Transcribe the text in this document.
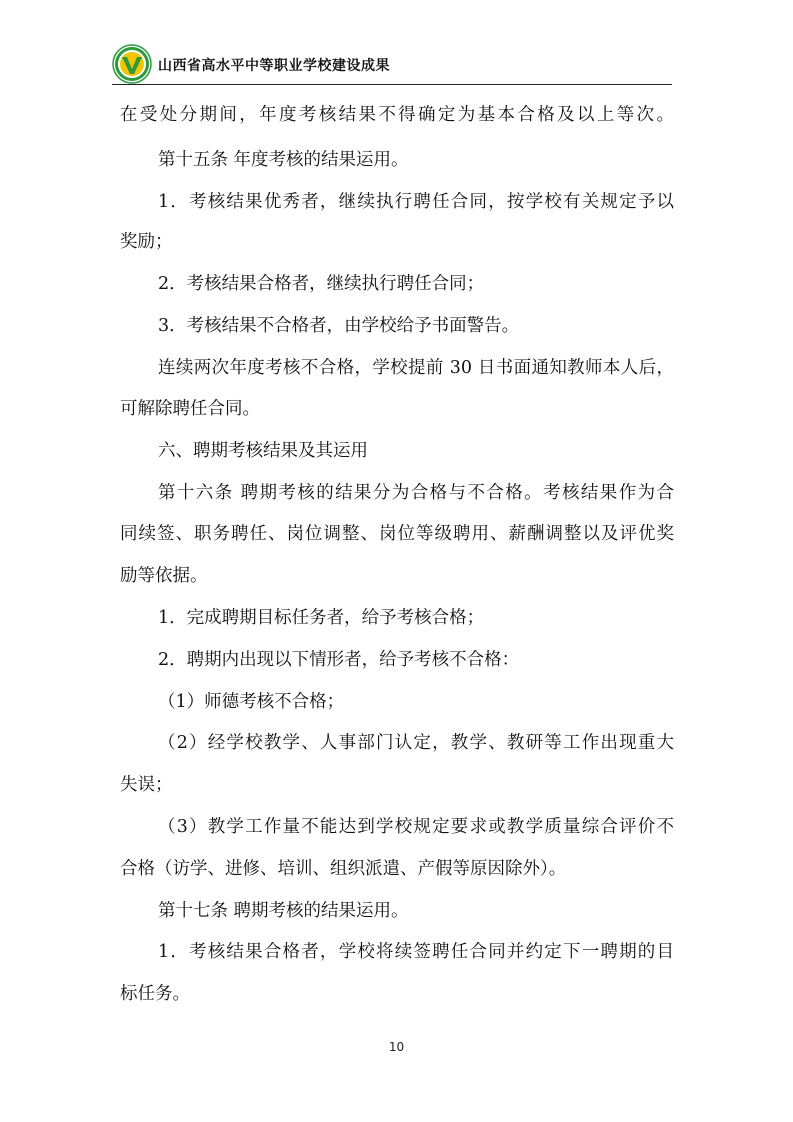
山西省高水平中等职业学校建设成果
在受处分期间，年度考核结果不得确定为基本合格及以上等次。
第十五条 年度考核的结果运用。
1．考核结果优秀者，继续执行聘任合同，按学校有关规定予以
奖励；
2．考核结果合格者，继续执行聘任合同；
3．考核结果不合格者，由学校给予书面警告。
连续两次年度考核不合格，学校提前 30 日书面通知教师本人后，
可解除聘任合同。
六、聘期考核结果及其运用
第十六条 聘期考核的结果分为合格与不合格。考核结果作为合
同续签、职务聘任、岗位调整、岗位等级聘用、薪酬调整以及评优奖
励等依据。
1．完成聘期目标任务者，给予考核合格；
2．聘期内出现以下情形者，给予考核不合格：
（1）师德考核不合格；
（2）经学校教学、人事部门认定，教学、教研等工作出现重大
失误；
（3）教学工作量不能达到学校规定要求或教学质量综合评价不
合格（访学、进修、培训、组织派遣、产假等原因除外）。
第十七条 聘期考核的结果运用。
1．考核结果合格者，学校将续签聘任合同并约定下一聘期的目
标任务。
10
